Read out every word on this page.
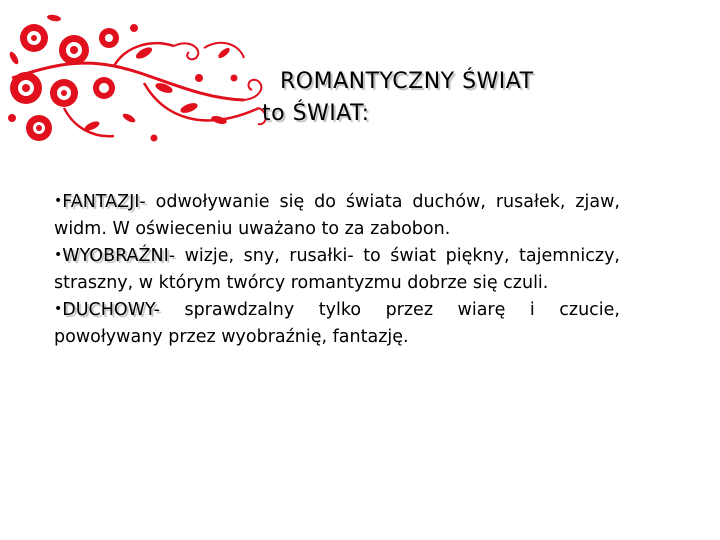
ROMANTYCZNY ŚWIAT
to ŚWIAT:
•FANTAZJI- odwoływanie się do świata duchów, rusałek, zjaw, widm. W oświeceniu uważano to za zabobon.
•WYOBRAŹNI- wizje, sny, rusałki- to świat piękny, tajemniczy, straszny, w którym twórcy romantyzmu dobrze się czuli.
•DUCHOWY- sprawdzalny tylko przez wiarę i czucie, powoływany przez wyobraźnię, fantazję.
